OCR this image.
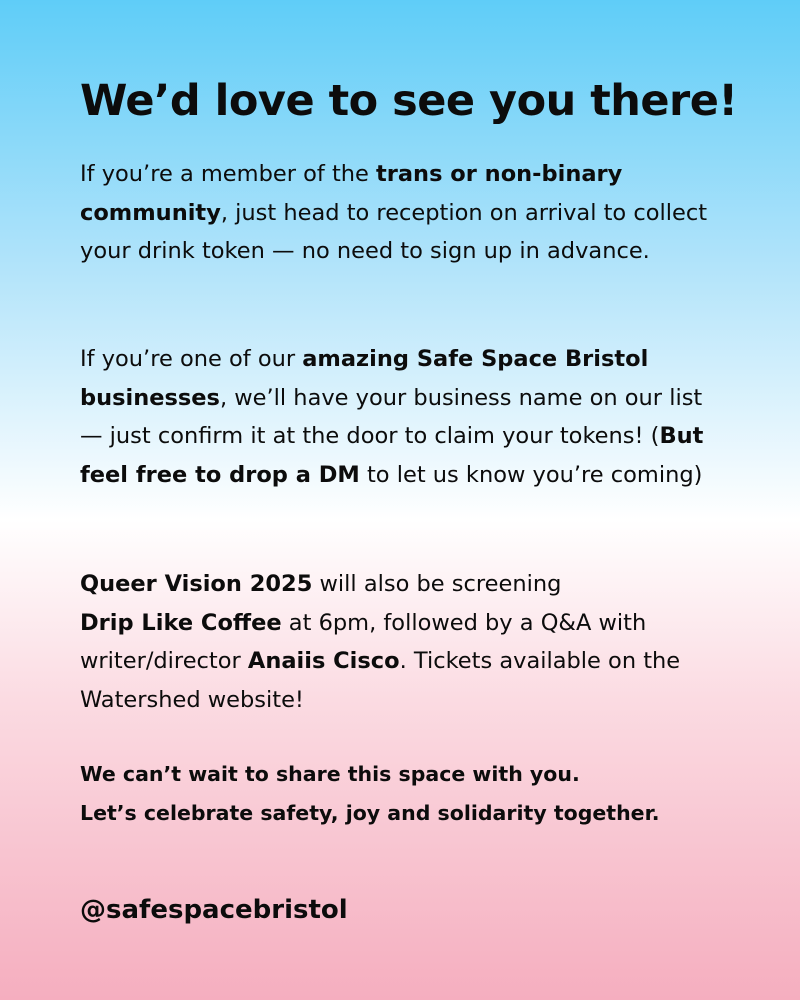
We’d love to see you there!

If you’re a member of the trans or non-binary community, just head to reception on arrival to collect your drink token — no need to sign up in advance.

If you’re one of our amazing Safe Space Bristol businesses, we’ll have your business name on our list — just confirm it at the door to claim your tokens! (But feel free to drop a DM to let us know you’re coming)

Queer Vision 2025 will also be screening
Drip Like Coffee at 6pm, followed by a Q&A with writer/director Anaiis Cisco. Tickets available on the Watershed website!

We can’t wait to share this space with you.
Let’s celebrate safety, joy and solidarity together.

@safespacebristol
